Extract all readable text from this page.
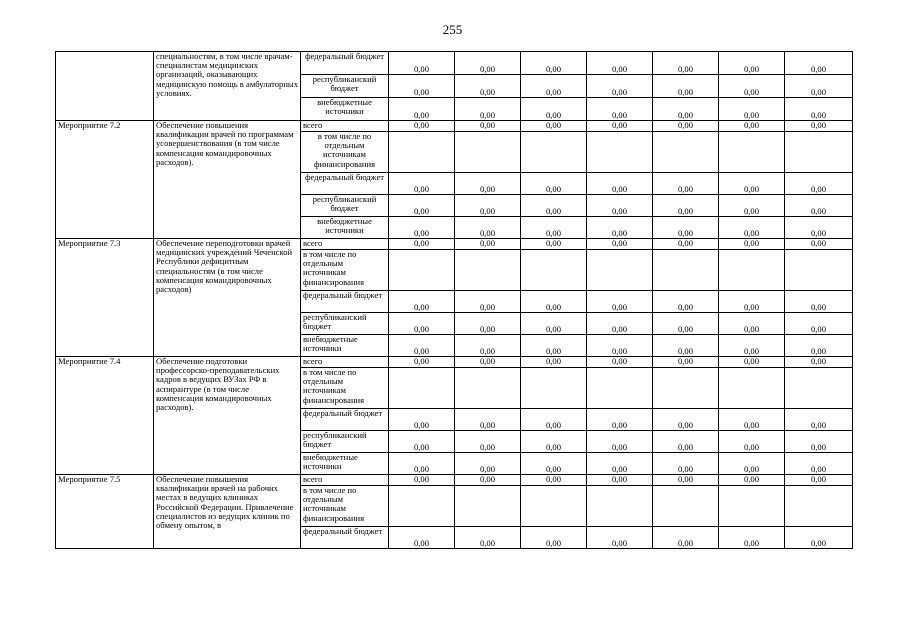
255
	специальностям, в том числе врачам-специалистам медицинских организаций, оказывающих медицинскую помощь в амбулаторных условиях.	федеральный бюджет	0,00	0,00	0,00	0,00	0,00	0,00	0,00
		республиканский бюджет	0,00	0,00	0,00	0,00	0,00	0,00	0,00
		внебюджетные источники	0,00	0,00	0,00	0,00	0,00	0,00	0,00
Мероприятие 7.2	Обеспечение повышения квалификации врачей по программам усовершенствования (в том числе компенсация командировочных расходов).	всего	0,00	0,00	0,00	0,00	0,00	0,00	0,00
		в том числе по отдельным источникам финансирования							
		федеральный бюджет	0,00	0,00	0,00	0,00	0,00	0,00	0,00
		республиканский бюджет	0,00	0,00	0,00	0,00	0,00	0,00	0,00
		внебюджетные источники	0,00	0,00	0,00	0,00	0,00	0,00	0,00
Мероприятие 7.3	Обеспечение переподготовки врачей медицинских учреждений Чеченской Республики дефицитным специальностям (в том числе компенсация командировочных расходов)	всего	0,00	0,00	0,00	0,00	0,00	0,00	0,00
		в том числе по отдельным источникам финансирования							
		федеральный бюджет	0,00	0,00	0,00	0,00	0,00	0,00	0,00
		республиканский бюджет	0,00	0,00	0,00	0,00	0,00	0,00	0,00
		внебюджетные источники	0,00	0,00	0,00	0,00	0,00	0,00	0,00
Мероприятие 7.4	Обеспечение подготовки профессорско-преподавательских кадров в ведущих ВУЗах РФ в аспирантуре (в том числе компенсация командировочных расходов).	всего	0,00	0,00	0,00	0,00	0,00	0,00	0,00
		в том числе по отдельным источникам финансирования							
		федеральный бюджет	0,00	0,00	0,00	0,00	0,00	0,00	0,00
		республиканский бюджет	0,00	0,00	0,00	0,00	0,00	0,00	0,00
		внебюджетные источники	0,00	0,00	0,00	0,00	0,00	0,00	0,00
Мероприятие 7.5	Обеспечение повышения квалификации врачей на рабочих местах в ведущих клиниках Российской Федерации. Привлечение специалистов из ведущих клиник по обмену опытом, в	всего	0,00	0,00	0,00	0,00	0,00	0,00	0,00
		в том числе по отдельным источникам финансирования							
		федеральный бюджет	0,00	0,00	0,00	0,00	0,00	0,00	0,00
